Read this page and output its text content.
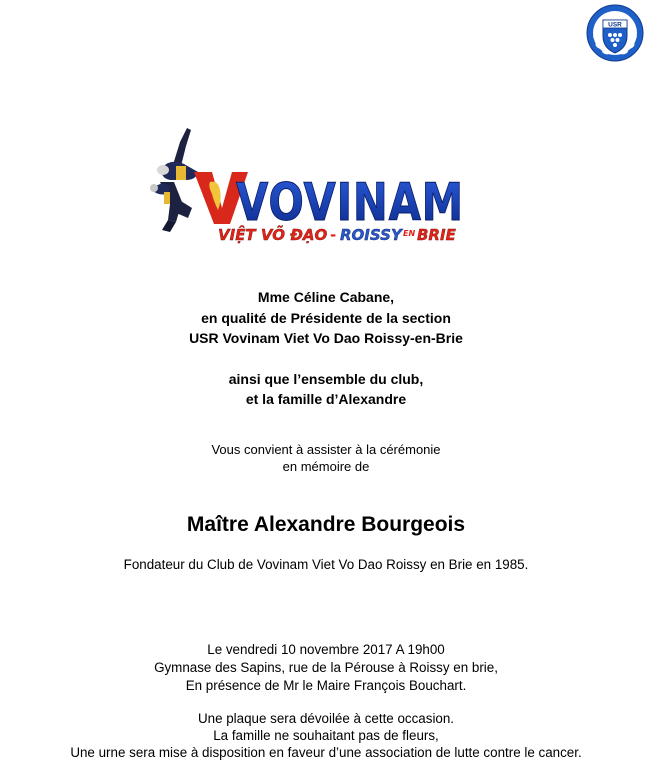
USR
VOVINAM
VIỆT VÕ ĐẠO - ROISSY EN BRIE
Mme Céline Cabane,
en qualité de Présidente de la section
USR Vovinam Viet Vo Dao Roissy-en-Brie
ainsi que l’ensemble du club,
et la famille d’Alexandre
Vous convient à assister à la cérémonie
en mémoire de
Maître Alexandre Bourgeois
Fondateur du Club de Vovinam Viet Vo Dao Roissy en Brie en 1985.
Le vendredi 10 novembre 2017 A 19h00
Gymnase des Sapins, rue de la Pérouse à Roissy en brie,
En présence de Mr le Maire François Bouchart.
Une plaque sera dévoilée à cette occasion.
La famille ne souhaitant pas de fleurs,
Une urne sera mise à disposition en faveur d’une association de lutte contre le cancer.
